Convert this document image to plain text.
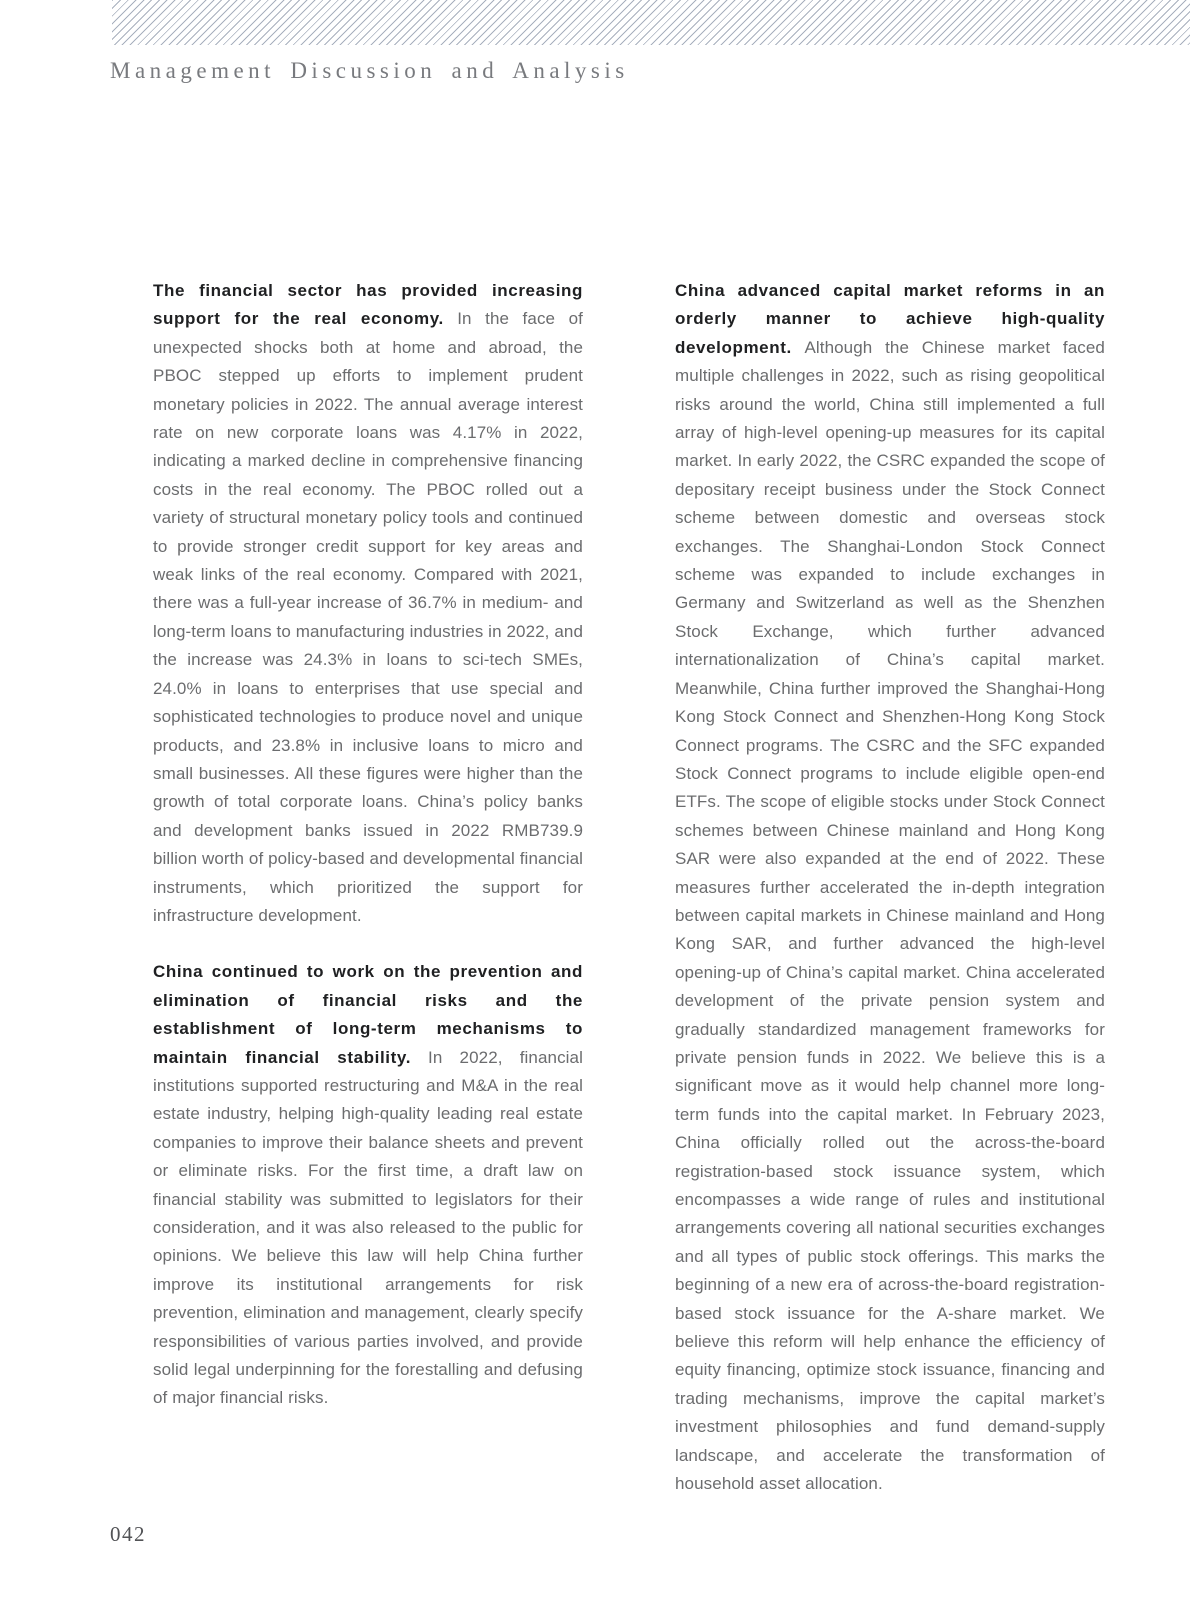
Management Discussion and Analysis

The financial sector has provided increasing support for the real economy. In the face of unexpected shocks both at home and abroad, the PBOC stepped up efforts to implement prudent monetary policies in 2022. The annual average interest rate on new corporate loans was 4.17% in 2022, indicating a marked decline in comprehensive financing costs in the real economy. The PBOC rolled out a variety of structural monetary policy tools and continued to provide stronger credit support for key areas and weak links of the real economy. Compared with 2021, there was a full-year increase of 36.7% in medium- and long-term loans to manufacturing industries in 2022, and the increase was 24.3% in loans to sci-tech SMEs, 24.0% in loans to enterprises that use special and sophisticated technologies to produce novel and unique products, and 23.8% in inclusive loans to micro and small businesses. All these figures were higher than the growth of total corporate loans. China’s policy banks and development banks issued in 2022 RMB739.9 billion worth of policy-based and developmental financial instruments, which prioritized the support for infrastructure development.

China continued to work on the prevention and elimination of financial risks and the establishment of long-term mechanisms to maintain financial stability. In 2022, financial institutions supported restructuring and M&A in the real estate industry, helping high-quality leading real estate companies to improve their balance sheets and prevent or eliminate risks. For the first time, a draft law on financial stability was submitted to legislators for their consideration, and it was also released to the public for opinions. We believe this law will help China further improve its institutional arrangements for risk prevention, elimination and management, clearly specify responsibilities of various parties involved, and provide solid legal underpinning for the forestalling and defusing of major financial risks.

China advanced capital market reforms in an orderly manner to achieve high-quality development. Although the Chinese market faced multiple challenges in 2022, such as rising geopolitical risks around the world, China still implemented a full array of high-level opening-up measures for its capital market. In early 2022, the CSRC expanded the scope of depositary receipt business under the Stock Connect scheme between domestic and overseas stock exchanges. The Shanghai-London Stock Connect scheme was expanded to include exchanges in Germany and Switzerland as well as the Shenzhen Stock Exchange, which further advanced internationalization of China’s capital market. Meanwhile, China further improved the Shanghai-Hong Kong Stock Connect and Shenzhen-Hong Kong Stock Connect programs. The CSRC and the SFC expanded Stock Connect programs to include eligible open-end ETFs. The scope of eligible stocks under Stock Connect schemes between Chinese mainland and Hong Kong SAR were also expanded at the end of 2022. These measures further accelerated the in-depth integration between capital markets in Chinese mainland and Hong Kong SAR, and further advanced the high-level opening-up of China’s capital market. China accelerated development of the private pension system and gradually standardized management frameworks for private pension funds in 2022. We believe this is a significant move as it would help channel more long-term funds into the capital market. In February 2023, China officially rolled out the across-the-board registration-based stock issuance system, which encompasses a wide range of rules and institutional arrangements covering all national securities exchanges and all types of public stock offerings. This marks the beginning of a new era of across-the-board registration-based stock issuance for the A-share market. We believe this reform will help enhance the efficiency of equity financing, optimize stock issuance, financing and trading mechanisms, improve the capital market’s investment philosophies and fund demand-supply landscape, and accelerate the transformation of household asset allocation.

042
